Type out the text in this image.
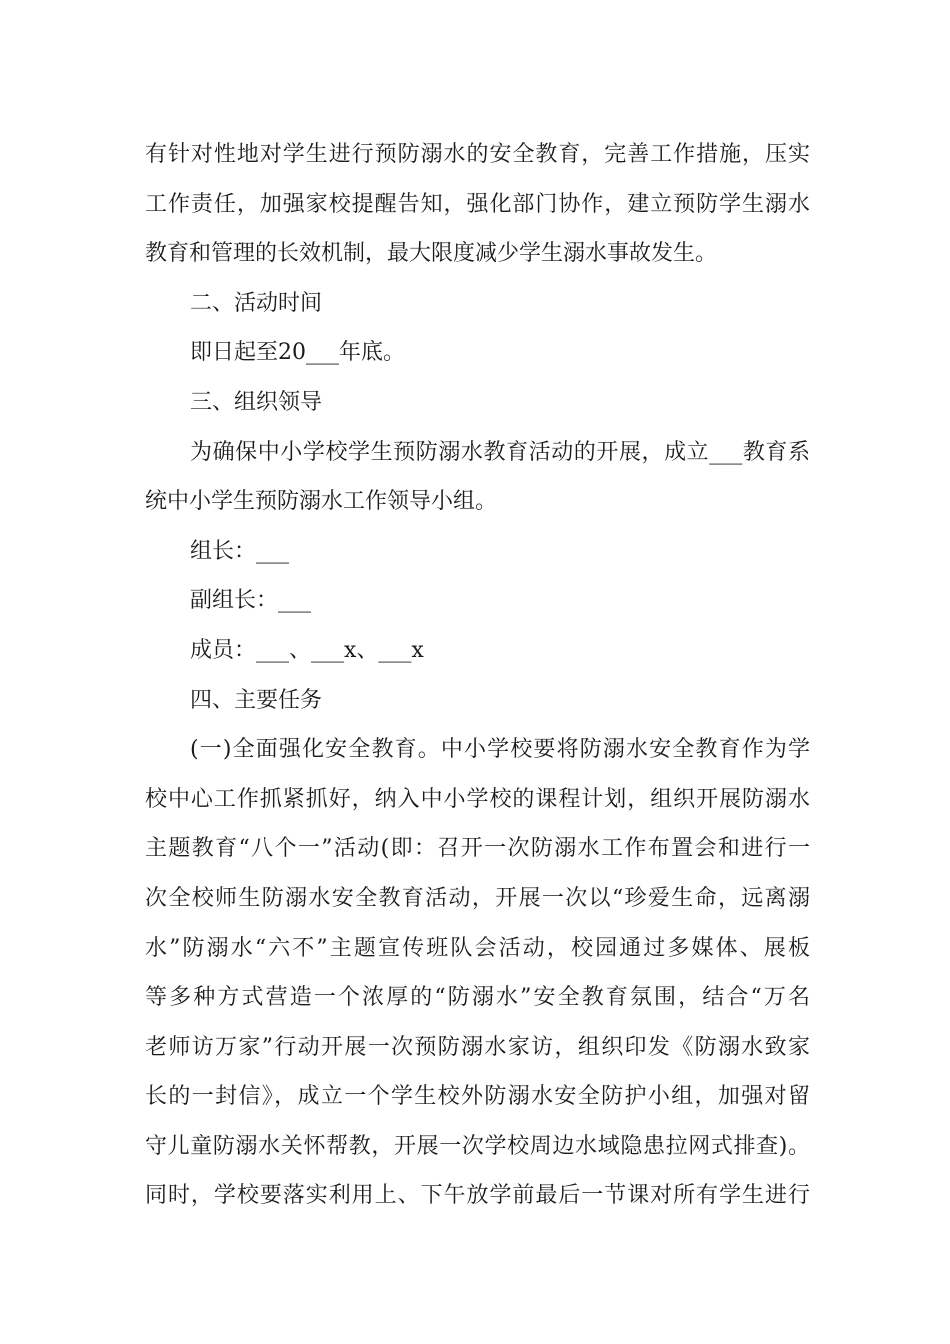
有针对性地对学生进行预防溺水的安全教育，完善工作措施，压实
工作责任，加强家校提醒告知，强化部门协作，建立预防学生溺水
教育和管理的长效机制，最大限度减少学生溺水事故发生。
二、活动时间
即日起至20___年底。
三、组织领导
为确保中小学校学生预防溺水教育活动的开展，成立___教育系
统中小学生预防溺水工作领导小组。
组长：___
副组长：___
成员：___、___x、___x
四、主要任务
(一)全面强化安全教育。中小学校要将防溺水安全教育作为学
校中心工作抓紧抓好，纳入中小学校的课程计划，组织开展防溺水
主题教育“八个一”活动(即：召开一次防溺水工作布置会和进行一
次全校师生防溺水安全教育活动，开展一次以“珍爱生命，远离溺
水”防溺水“六不”主题宣传班队会活动，校园通过多媒体、展板
等多种方式营造一个浓厚的“防溺水”安全教育氛围，结合“万名
老师访万家”行动开展一次预防溺水家访，组织印发《防溺水致家
长的一封信》，成立一个学生校外防溺水安全防护小组，加强对留
守儿童防溺水关怀帮教，开展一次学校周边水域隐患拉网式排查)。
同时，学校要落实利用上、下午放学前最后一节课对所有学生进行
